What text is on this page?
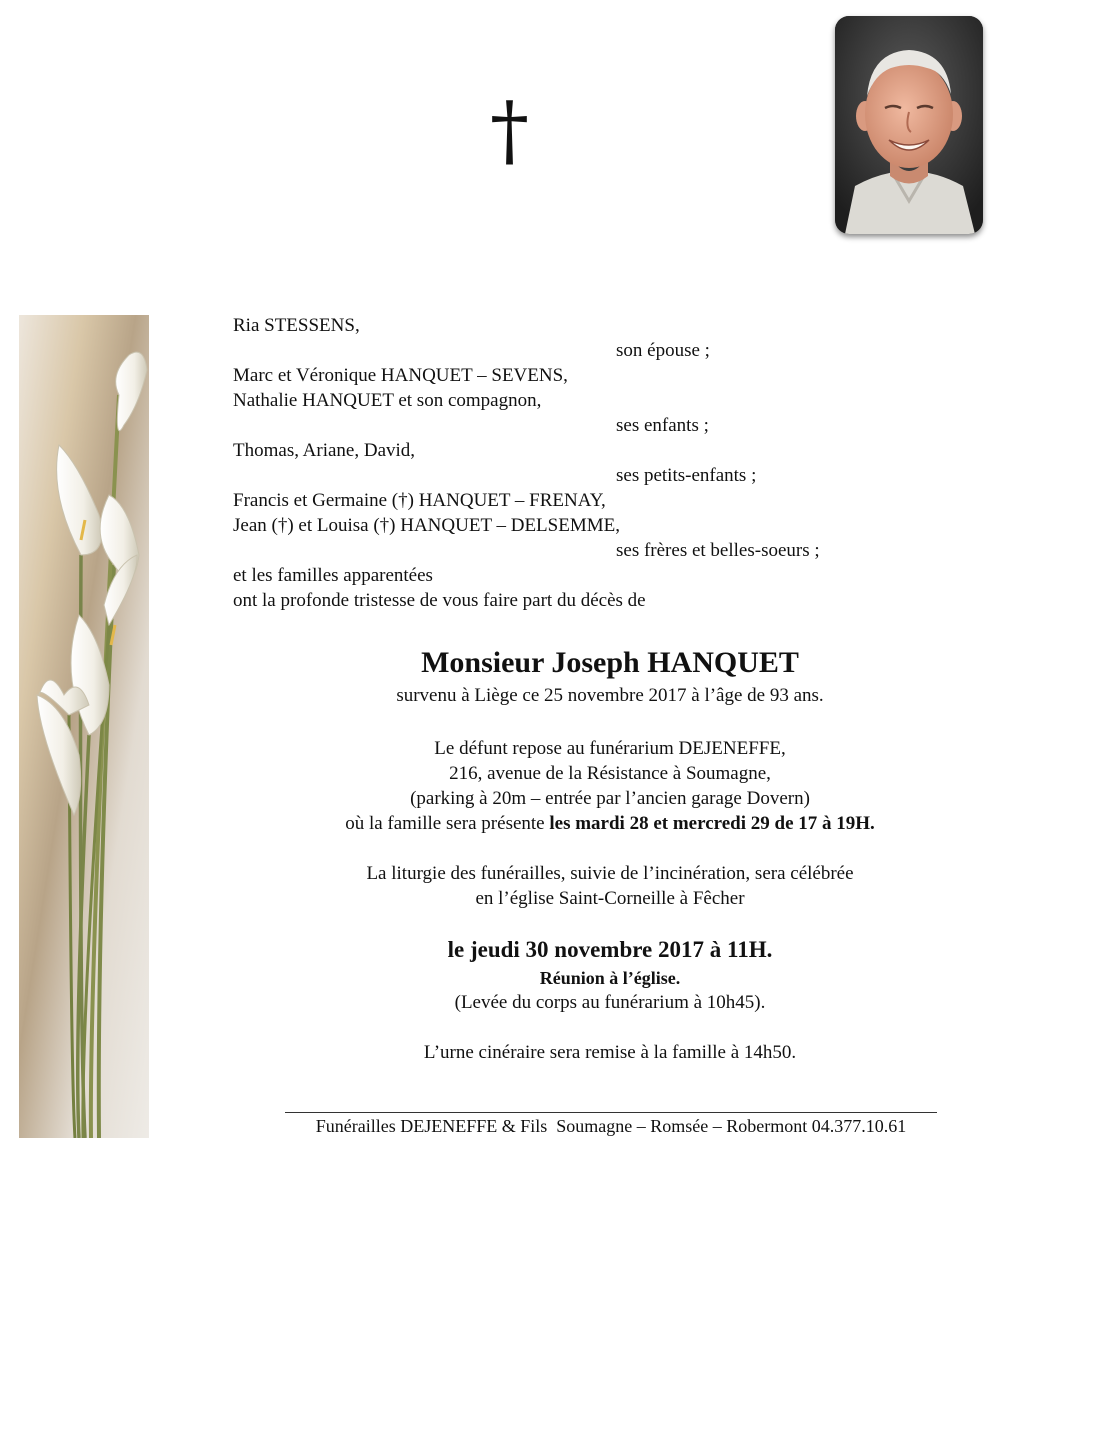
†
Ria STESSENS,
son épouse ;
Marc et Véronique HANQUET – SEVENS,
Nathalie HANQUET et son compagnon,
ses enfants ;
Thomas, Ariane, David,
ses petits-enfants ;
Francis et Germaine (†) HANQUET – FRENAY,
Jean (†) et Louisa (†) HANQUET – DELSEMME,
ses frères et belles-soeurs ;
et les familles apparentées
ont la profonde tristesse de vous faire part du décès de
Monsieur Joseph HANQUET
survenu à Liège ce 25 novembre 2017 à l’âge de 93 ans.
Le défunt repose au funérarium DEJENEFFE,
216, avenue de la Résistance à Soumagne,
(parking à 20m – entrée par l’ancien garage Dovern)
où la famille sera présente les mardi 28 et mercredi 29 de 17 à 19H.
La liturgie des funérailles, suivie de l’incinération, sera célébrée
en l’église Saint-Corneille à Fêcher
le jeudi 30 novembre 2017 à 11H.
Réunion à l’église.
(Levée du corps au funérarium à 10h45).
L’urne cinéraire sera remise à la famille à 14h50.
Funérailles DEJENEFFE & Fils  Soumagne – Romsée – Robermont 04.377.10.61
